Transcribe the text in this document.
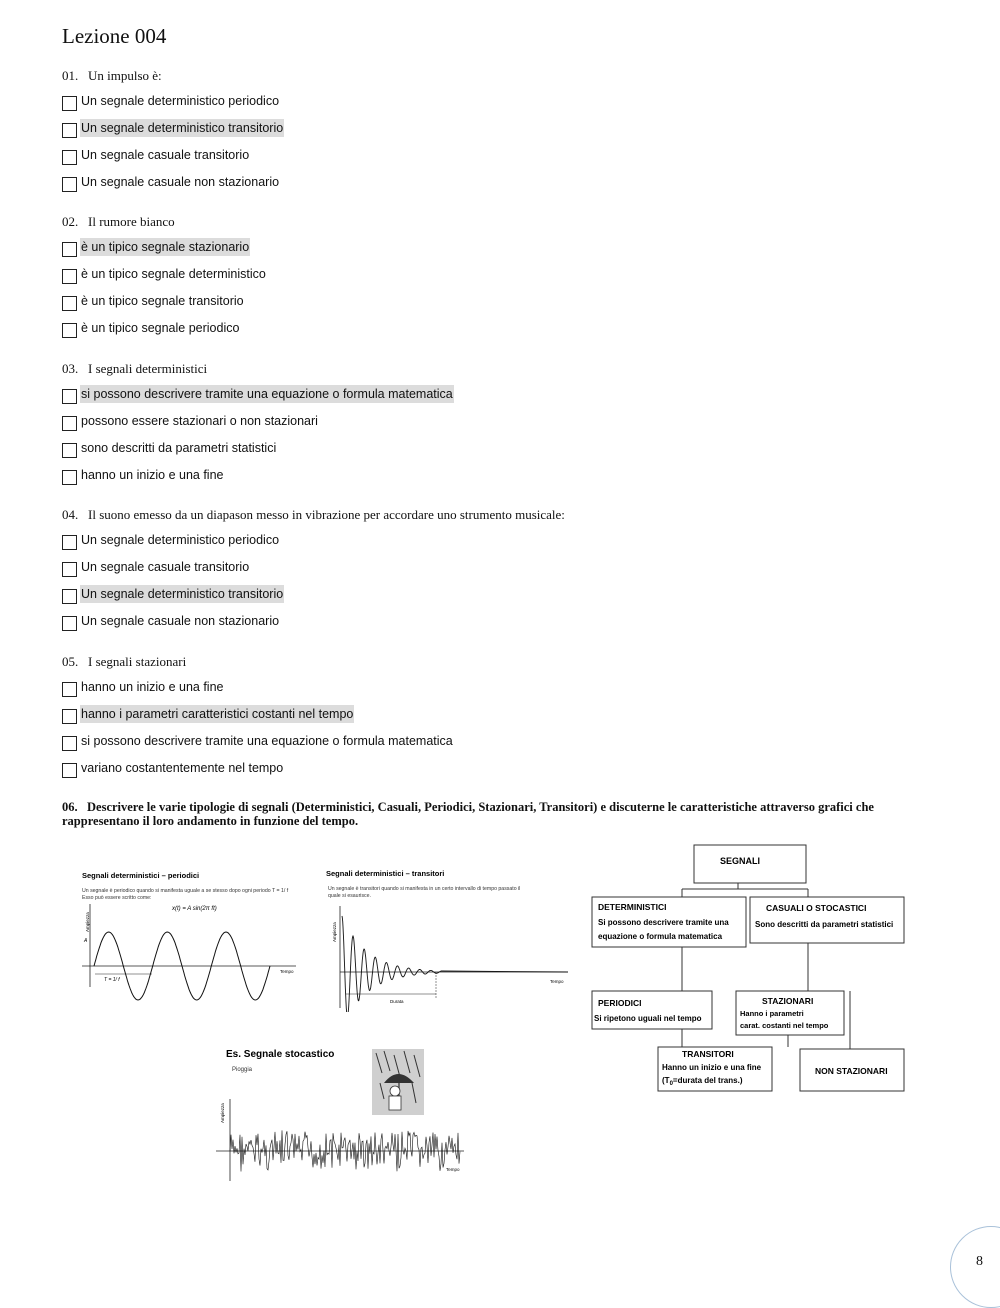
Lezione 004
01. Un impulso è:
Un segnale deterministico periodico
Un segnale deterministico transitorio
Un segnale casuale transitorio
Un segnale casuale non stazionario
02. Il rumore bianco
è un tipico segnale stazionario
è un tipico segnale deterministico
è un tipico segnale transitorio
è un tipico segnale periodico
03. I segnali deterministici
si possono descrivere tramite una equazione o formula matematica
possono essere stazionari o non stazionari
sono descritti da parametri statistici
hanno un inizio e una fine
04. Il suono emesso da un diapason messo in vibrazione per accordare uno strumento musicale:
Un segnale deterministico periodico
Un segnale casuale transitorio
Un segnale deterministico transitorio
Un segnale casuale non stazionario
05. I segnali stazionari
hanno un inizio e una fine
hanno i parametri caratteristici costanti nel tempo
si possono descrivere tramite una equazione o formula matematica
variano costantentemente nel tempo
06. Descrivere le varie tipologie di segnali (Deterministici, Casuali, Periodici, Stazionari, Transitori) e discuterne le caratteristiche attraverso grafici che rappresentano il loro andamento in funzione del tempo.
Segnali deterministici – periodici
Un segnale è periodico quando si manifesta uguale a se stesso dopo ogni periodo T = 1/ f
Esso può essere scritto come:
x(t) = A sin(2π ft)
Ampiezza
Tempo
A
T = 1/ f
Segnali deterministici – transitori
Un segnale è transitori quando si manifesta in un certo intervallo di tempo passato il
quale si esaurisce.
Ampiezza
Tempo
Durata
SEGNALI
DETERMINISTICI
Si possono descrivere tramite una
equazione o formula matematica
CASUALI O STOCASTICI
Sono descritti da parametri statistici
PERIODICI
Si ripetono uguali nel tempo
STAZIONARI
Hanno i parametri
carat. costanti nel tempo
TRANSITORI
Hanno un inizio e una fine
($T_0=durata$ del trans.)
NON STAZIONARI
Es. Segnale stocastico
Pioggia
Ampiezza
Tempo
8
